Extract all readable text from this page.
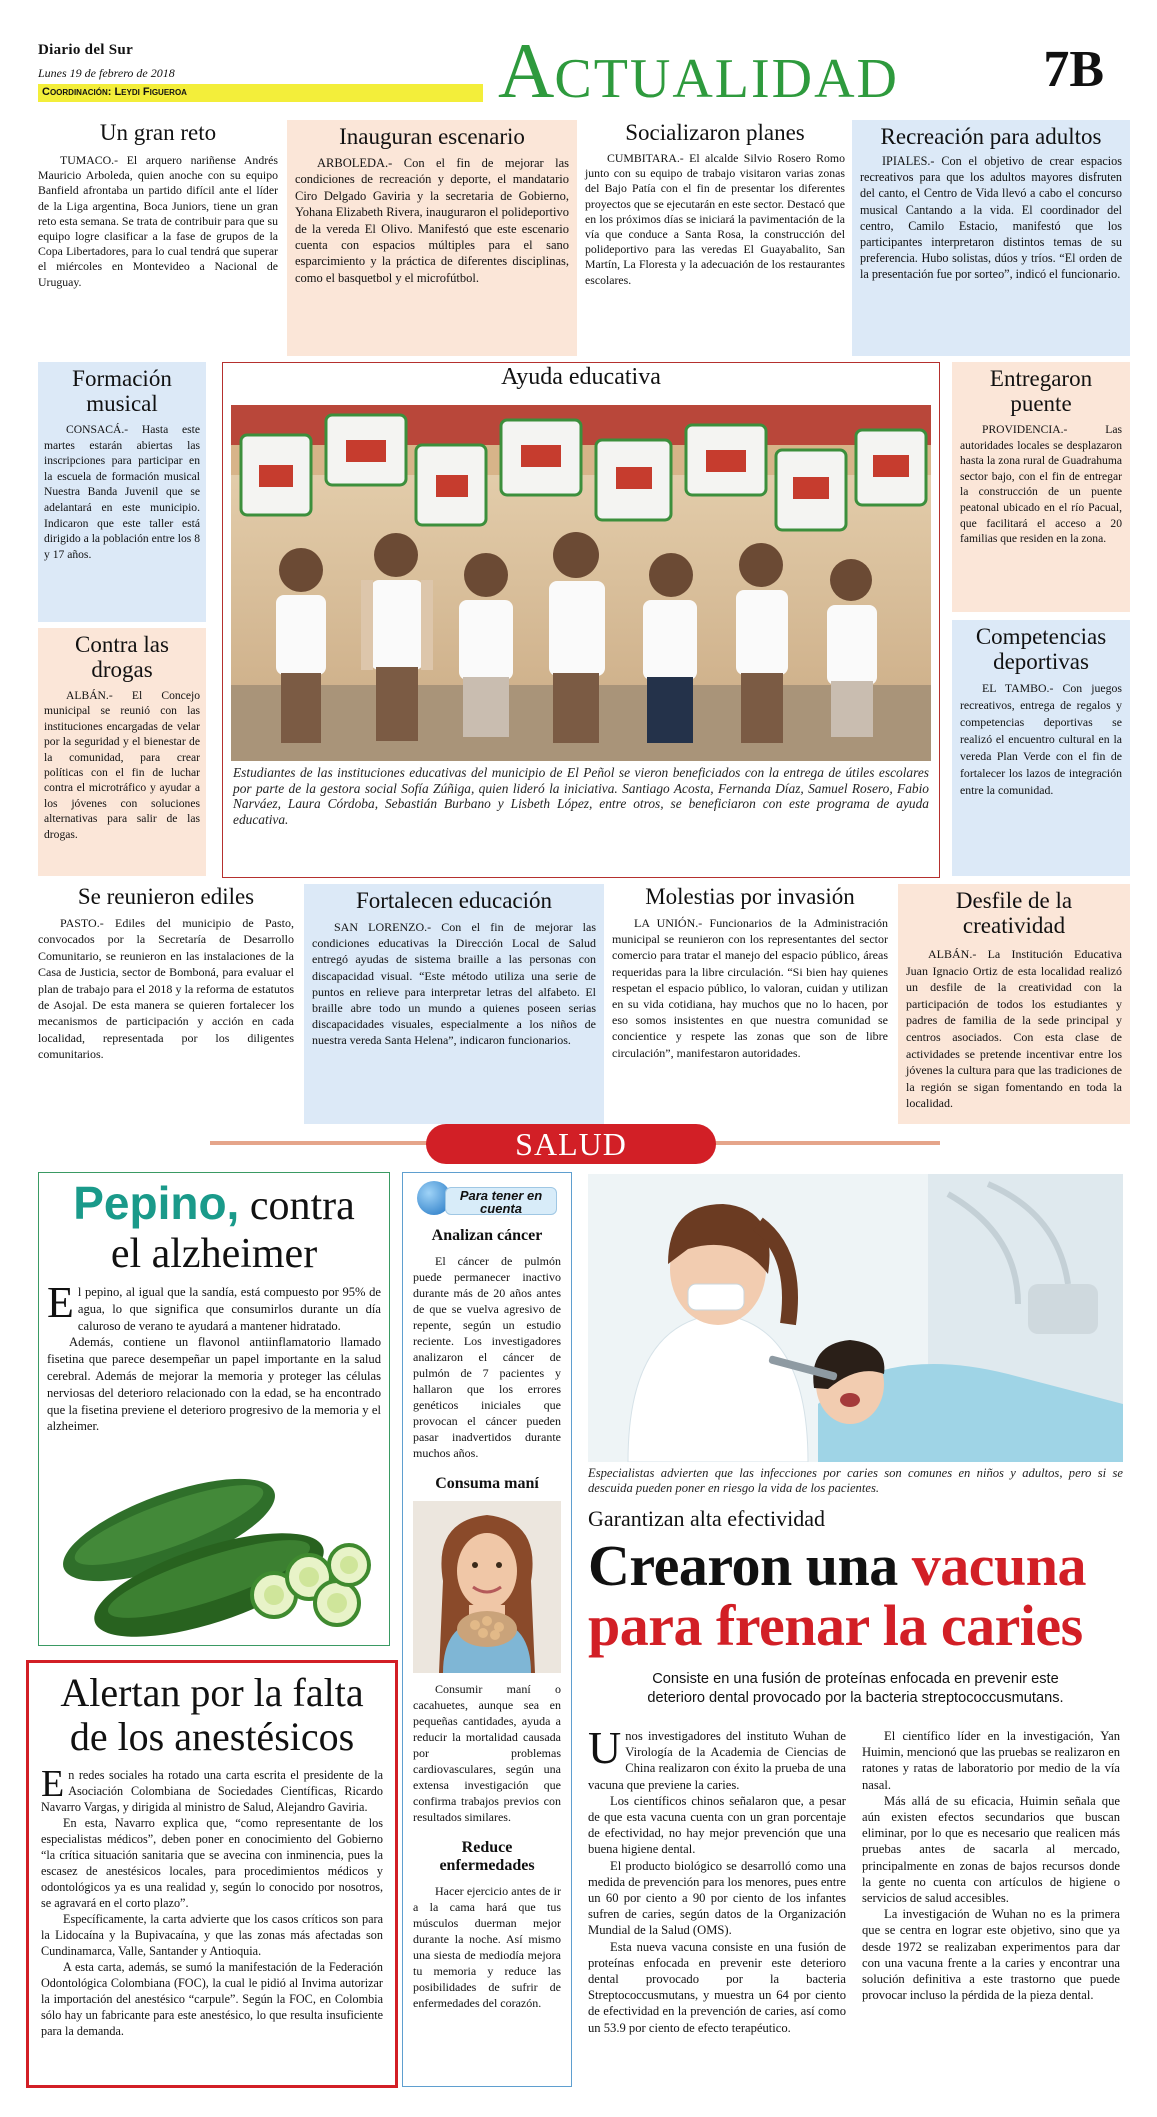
Diario del Sur
Lunes 19 de febrero de 2018
Coordinación: Leydi Figueroa	ACTUALIDAD	7B
Un gran reto

TUMACO.- El arquero nariñense Andrés Mauricio Arboleda, quien anoche con su equipo Banfield afrontaba un partido difícil ante el líder de la Liga argentina, Boca Juniors, tiene un gran reto esta semana. Se trata de contribuir para que su equipo logre clasificar a la fase de grupos de la Copa Libertadores, para lo cual tendrá que superar el miércoles en Montevideo a Nacional de Uruguay.

Inauguran escenario

ARBOLEDA.- Con el fin de mejorar las condiciones de recreación y deporte, el mandatario Ciro Delgado Gaviria y la secretaria de Gobierno, Yohana Elizabeth Rivera, inauguraron el polideportivo de la vereda El Olivo. Manifestó que este escenario cuenta con espacios múltiples para el sano esparcimiento y la práctica de diferentes disciplinas, como el basquetbol y el microfútbol.

Socializaron planes

CUMBITARA.- El alcalde Silvio Rosero Romo junto con su equipo de trabajo visitaron varias zonas del Bajo Patía con el fin de presentar los diferentes proyectos que se ejecutarán en este sector. Destacó que en los próximos días se iniciará la pavimentación de la vía que conduce a Santa Rosa, la construcción del polideportivo para las veredas El Guayabalito, San Martín, La Floresta y la adecuación de los restaurantes escolares.

Recreación para adultos

IPIALES.- Con el objetivo de crear espacios recreativos para que los adultos mayores disfruten del canto, el Centro de Vida llevó a cabo el concurso musical Cantando a la vida. El coordinador del centro, Camilo Estacio, manifestó que los participantes interpretaron distintos temas de su preferencia. Hubo solistas, dúos y tríos. “El orden de la presentación fue por sorteo”, indicó el funcionario.

Formación musical

CONSACÁ.- Hasta este martes estarán abiertas las inscripciones para participar en la escuela de formación musical Nuestra Banda Juvenil que se adelantará en este municipio. Indicaron que este taller está dirigido a la población entre los 8 y 17 años.

Contra las drogas

ALBÁN.- El Concejo municipal se reunió con las instituciones encargadas de velar por la seguridad y el bienestar de la comunidad, para crear políticas con el fin de luchar contra el microtráfico y ayudar a los jóvenes con soluciones alternativas para salir de las drogas.

Ayuda educativa

Estudiantes de las instituciones educativas del municipio de El Peñol se vieron beneficiados con la entrega de útiles escolares por parte de la gestora social Sofía Zúñiga, quien lideró la iniciativa. Santiago Acosta, Fernanda Díaz, Samuel Rosero, Fabio Narváez, Laura Córdoba, Sebastián Burbano y Lisbeth López, entre otros, se beneficiaron con este programa de ayuda educativa.

Entregaron puente

PROVIDENCIA.- Las autoridades locales se desplazaron hasta la zona rural de Guadrahuma sector bajo, con el fin de entregar la construcción de un puente peatonal ubicado en el río Pacual, que facilitará el acceso a 20 familias que residen en la zona.

Competencias deportivas

EL TAMBO.- Con juegos recreativos, entrega de regalos y competencias deportivas se realizó el encuentro cultural en la vereda Plan Verde con el fin de fortalecer los lazos de integración entre la comunidad.

Se reunieron ediles

PASTO.- Ediles del municipio de Pasto, convocados por la Secretaría de Desarrollo Comunitario, se reunieron en las instalaciones de la Casa de Justicia, sector de Bomboná, para evaluar el plan de trabajo para el 2018 y la reforma de estatutos de Asojal. De esta manera se quieren fortalecer los mecanismos de participación y acción en cada localidad, representada por los diligentes comunitarios.

Fortalecen educación

SAN LORENZO.- Con el fin de mejorar las condiciones educativas la Dirección Local de Salud entregó ayudas de sistema braille a las personas con discapacidad visual. “Este método utiliza una serie de puntos en relieve para interpretar letras del alfabeto. El braille abre todo un mundo a quienes poseen serias discapacidades visuales, especialmente a los niños de nuestra vereda Santa Helena”, indicaron funcionarios.

Molestias por invasión

LA UNIÓN.- Funcionarios de la Administración municipal se reunieron con los representantes del sector comercio para tratar el manejo del espacio público, áreas requeridas para la libre circulación. “Si bien hay quienes respetan el espacio público, lo valoran, cuidan y utilizan en su vida cotidiana, hay muchos que no lo hacen, por eso somos insistentes en que nuestra comunidad se concientice y respete las zonas que son de libre circulación”, manifestaron autoridades.

Desfile de la creatividad

ALBÁN.- La Institución Educativa Juan Ignacio Ortiz de esta localidad realizó un desfile de la creatividad con la participación de todos los estudiantes y padres de familia de la sede principal y centros asociados. Con esta clase de actividades se pretende incentivar entre los jóvenes la cultura para que las tradiciones de la región se sigan fomentando en toda la localidad.

SALUD
Pepino, contra
el alzheimer

El pepino, al igual que la sandía, está compuesto por 95% de agua, lo que significa que consumirlos durante un día caluroso de verano te ayudará a mantener hidratado.

Además, contiene un flavonol antiinflamatorio llamado fisetina que parece desempeñar un papel importante en la salud cerebral. Además de mejorar la memoria y proteger las células nerviosas del deterioro relacionado con la edad, se ha encontrado que la fisetina previene el deterioro progresivo de la memoria y el alzheimer.

Alertan por la falta de los anestésicos

En redes sociales ha rotado una carta escrita el presidente de la Asociación Colombiana de Sociedades Científicas, Ricardo Navarro Vargas, y dirigida al ministro de Salud, Alejandro Gaviria.

En esta, Navarro explica que, “como representante de los especialistas médicos”, deben poner en conocimiento del Gobierno “la crítica situación sanitaria que se avecina con inminencia, pues la escasez de anestésicos locales, para procedimientos médicos y odontológicos ya es una realidad y, según lo conocido por nosotros, se agravará en el corto plazo”.

Específicamente, la carta advierte que los casos críticos son para la Lidocaína y la Bupivacaína, y que las zonas más afectadas son Cundinamarca, Valle, Santander y Antioquia.

A esta carta, además, se sumó la manifestación de la Federación Odontológica Colombiana (FOC), la cual le pidió al Invima autorizar la importación del anestésico “carpule”. Según la FOC, en Colombia sólo hay un fabricante para este anestésico, lo que resulta insuficiente para la demanda.

Para tener en cuenta
Analizan cáncer

El cáncer de pulmón puede permanecer inactivo durante más de 20 años antes de que se vuelva agresivo de repente, según un estudio reciente. Los investigadores analizaron el cáncer de pulmón de 7 pacientes y hallaron que los errores genéticos iniciales que provocan el cáncer pueden pasar inadvertidos durante muchos años.

Consuma maní

Consumir maní o cacahuetes, aunque sea en pequeñas cantidades, ayuda a reducir la mortalidad causada por problemas cardiovasculares, según una extensa investigación que confirma trabajos previos con resultados similares.

Reduce enfermedades

Hacer ejercicio antes de ir a la cama hará que tus músculos duerman mejor durante la noche. Así mismo una siesta de mediodía mejora tu memoria y reduce las posibilidades de sufrir de enfermedades del corazón.

Especialistas advierten que las infecciones por caries son comunes en niños y adultos, pero si se descuida pueden poner en riesgo la vida de los pacientes.

Garantizan alta efectividad
Crearon una vacuna
para frenar la caries

Consiste en una fusión de proteínas enfocada en prevenir este deterioro dental provocado por la bacteria streptococcusmutans.

Unos investigadores del instituto Wuhan de Virología de la Academia de Ciencias de China realizaron con éxito la prueba de una vacuna que previene la caries.

Los científicos chinos señalaron que, a pesar de que esta vacuna cuenta con un gran porcentaje de efectividad, no hay mejor prevención que una buena higiene dental.

El producto biológico se desarrolló como una medida de prevención para los menores, pues entre un 60 por ciento a 90 por ciento de los infantes sufren de caries, según datos de la Organización Mundial de la Salud (OMS).

Esta nueva vacuna consiste en una fusión de proteínas enfocada en prevenir este deterioro dental provocado por la bacteria Streptococcusmutans, y muestra un 64 por ciento de efectividad en la prevención de caries, así como un 53.9 por ciento de efecto terapéutico.

El científico líder en la investigación, Yan Huimin, mencionó que las pruebas se realizaron en ratones y ratas de laboratorio por medio de la vía nasal.

Más allá de su eficacia, Huimin señala que aún existen efectos secundarios que buscan eliminar, por lo que es necesario que realicen más pruebas antes de sacarla al mercado, principalmente en zonas de bajos recursos donde la gente no cuenta con artículos de higiene o servicios de salud accesibles.

La investigación de Wuhan no es la primera que se centra en lograr este objetivo, sino que ya desde 1972 se realizaban experimentos para dar con una vacuna frente a la caries y encontrar una solución definitiva a este trastorno que puede provocar incluso la pérdida de la pieza dental.
